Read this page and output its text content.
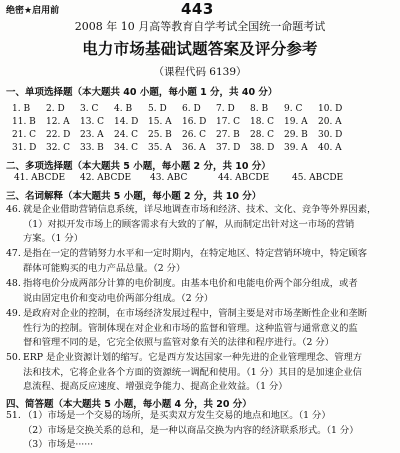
绝密★启用前	443
2008 年 10 月高等教育自学考试全国统一命题考试
电力市场基础试题答案及评分参考
（课程代码 6139）
一、单项选择题（本大题共 40 小题，每小题 1 分，共 40 分）
1. B 2. D 3. C 4. B 5. D 6. D 7. D 8. B 9. C 10. D
11. B 12. A 13. C 14. D 15. A 16. D 17. C 18. C 19. A 20. A
21. C 22. D 23. A 24. C 25. B 26. C 27. B 28. C 29. B 30. D
31. D 32. C 33. B 34. C 35. A 36. A 37. D 38. D 39. A 40. A
二、多项选择题（本大题共 5 小题，每小题 2 分，共 10 分）
41. ABCDE 42. ABCDE 43. ABC	44. ABCDE	45. ABCDE
三、名词解释（本大题共 5 小题，每小题 2 分，共 10 分）
46. 就是企业借助营销信息系统，详尽地调查市场和经济、技术、文化、竞争等外界因素，
（1）对拟开发市场上的顾客需求有大致的了解，从而制定出针对这一市场的营销
方案。（1 分）
47. 是指在一定的营销努力水平和一定时期内，在特定地区、特定营销环境中，特定顾客
群体可能购买的电力产品总量。（2 分）
48. 指将电价分成两部分计算的电价制度。由基本电价和电能电价两个部分组成，或者
说由固定电价和变动电价两部分组成。（2 分）
49. 是政府对企业的控制，在市场经济发展过程中，管制主要是对市场垄断性企业和垄断
性行为的控制。管制体现在对企业和市场的监督和管理。这种监管与通常意义的监
督和管理不同的是，它完全依照与监管对象有关的法律和程序进行。（2 分）
50. ERP 是企业资源计划的缩写。它是西方发达国家一种先进的企业管理理念、管理方
法和技术，它将企业各个方面的资源统一调配和使用。（1 分）其目的是加速企业信
息流程、提高反应速度、增强竞争能力、提高企业效益。（1 分）
四、简答题（本大题共 5 小题，每小题 4 分，共 20 分）
51. （1）市场是一个交易的场所，是买卖双方发生交易的地点和地区。（1 分）
（2）市场是交换关系的总和，是一种以商品交换为内容的经济联系形式。（1 分）
（3）市场是······
